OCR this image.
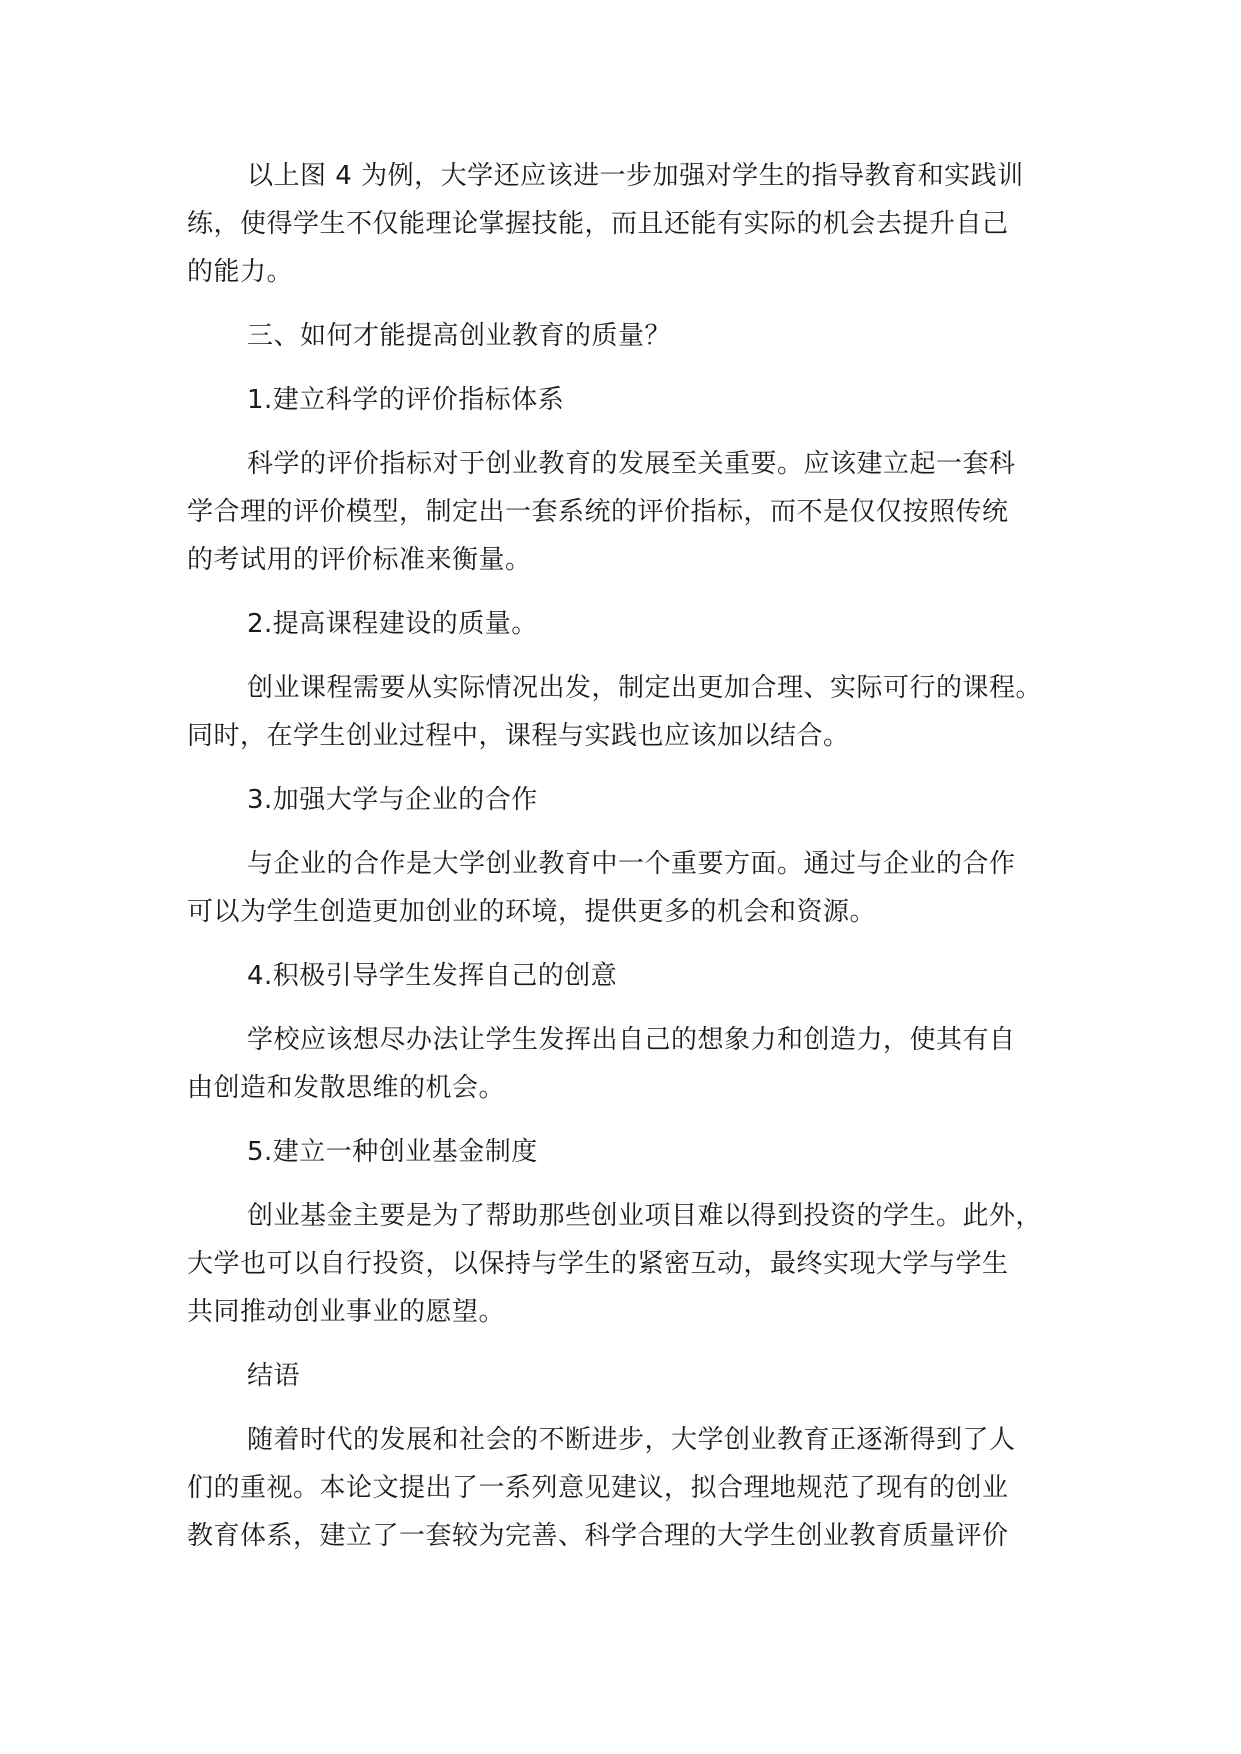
以上图 4 为例，大学还应该进一步加强对学生的指导教育和实践训
练，使得学生不仅能理论掌握技能，而且还能有实际的机会去提升自己
的能力。
三、如何才能提高创业教育的质量？
1.建立科学的评价指标体系
科学的评价指标对于创业教育的发展至关重要。应该建立起一套科
学合理的评价模型，制定出一套系统的评价指标，而不是仅仅按照传统
的考试用的评价标准来衡量。
2.提高课程建设的质量。
创业课程需要从实际情况出发，制定出更加合理、实际可行的课程。
同时，在学生创业过程中，课程与实践也应该加以结合。
3.加强大学与企业的合作
与企业的合作是大学创业教育中一个重要方面。通过与企业的合作
可以为学生创造更加创业的环境，提供更多的机会和资源。
4.积极引导学生发挥自己的创意
学校应该想尽办法让学生发挥出自己的想象力和创造力，使其有自
由创造和发散思维的机会。
5.建立一种创业基金制度
创业基金主要是为了帮助那些创业项目难以得到投资的学生。此外，
大学也可以自行投资，以保持与学生的紧密互动，最终实现大学与学生
共同推动创业事业的愿望。
结语
随着时代的发展和社会的不断进步，大学创业教育正逐渐得到了人
们的重视。本论文提出了一系列意见建议，拟合理地规范了现有的创业
教育体系，建立了一套较为完善、科学合理的大学生创业教育质量评价
